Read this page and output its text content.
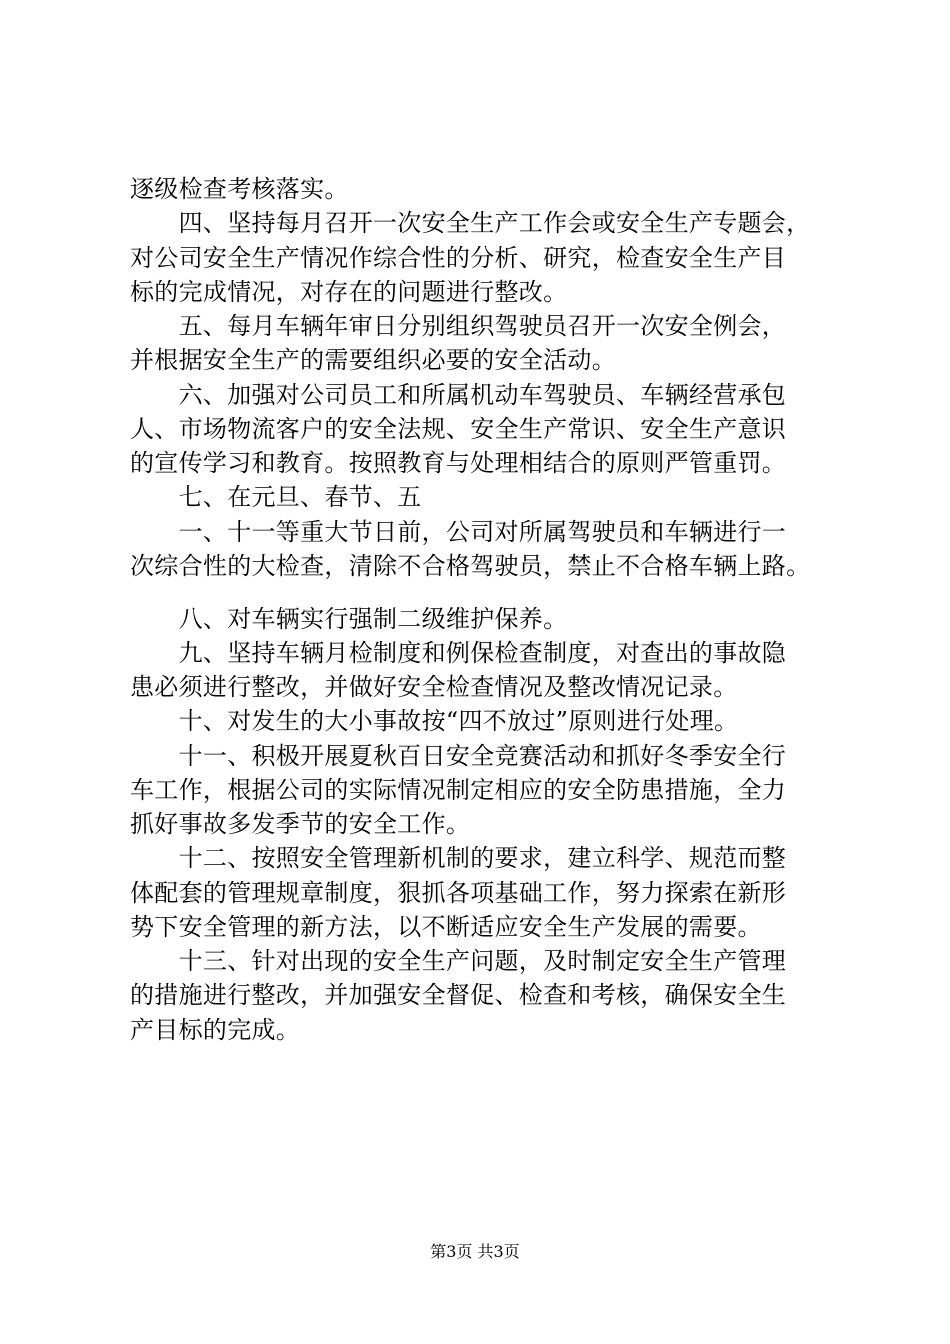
逐级检查考核落实。
　　四、坚持每月召开一次安全生产工作会或安全生产专题会，
对公司安全生产情况作综合性的分析、研究，检查安全生产目
标的完成情况，对存在的问题进行整改。
　　五、每月车辆年审日分别组织驾驶员召开一次安全例会，
并根据安全生产的需要组织必要的安全活动。
　　六、加强对公司员工和所属机动车驾驶员、车辆经营承包
人、市场物流客户的安全法规、安全生产常识、安全生产意识
的宣传学习和教育。按照教育与处理相结合的原则严管重罚。
　　七、在元旦、春节、五
　　一、十一等重大节日前，公司对所属驾驶员和车辆进行一
次综合性的大检查，清除不合格驾驶员，禁止不合格车辆上路。
　　八、对车辆实行强制二级维护保养。
　　九、坚持车辆月检制度和例保检查制度，对查出的事故隐
患必须进行整改，并做好安全检查情况及整改情况记录。
　　十、对发生的大小事故按“四不放过”原则进行处理。
　　十一、积极开展夏秋百日安全竞赛活动和抓好冬季安全行
车工作，根据公司的实际情况制定相应的安全防患措施，全力
抓好事故多发季节的安全工作。
　　十二、按照安全管理新机制的要求，建立科学、规范而整
体配套的管理规章制度，狠抓各项基础工作，努力探索在新形
势下安全管理的新方法，以不断适应安全生产发展的需要。
　　十三、针对出现的安全生产问题，及时制定安全生产管理
的措施进行整改，并加强安全督促、检查和考核，确保安全生
产目标的完成。
第3页 共3页
